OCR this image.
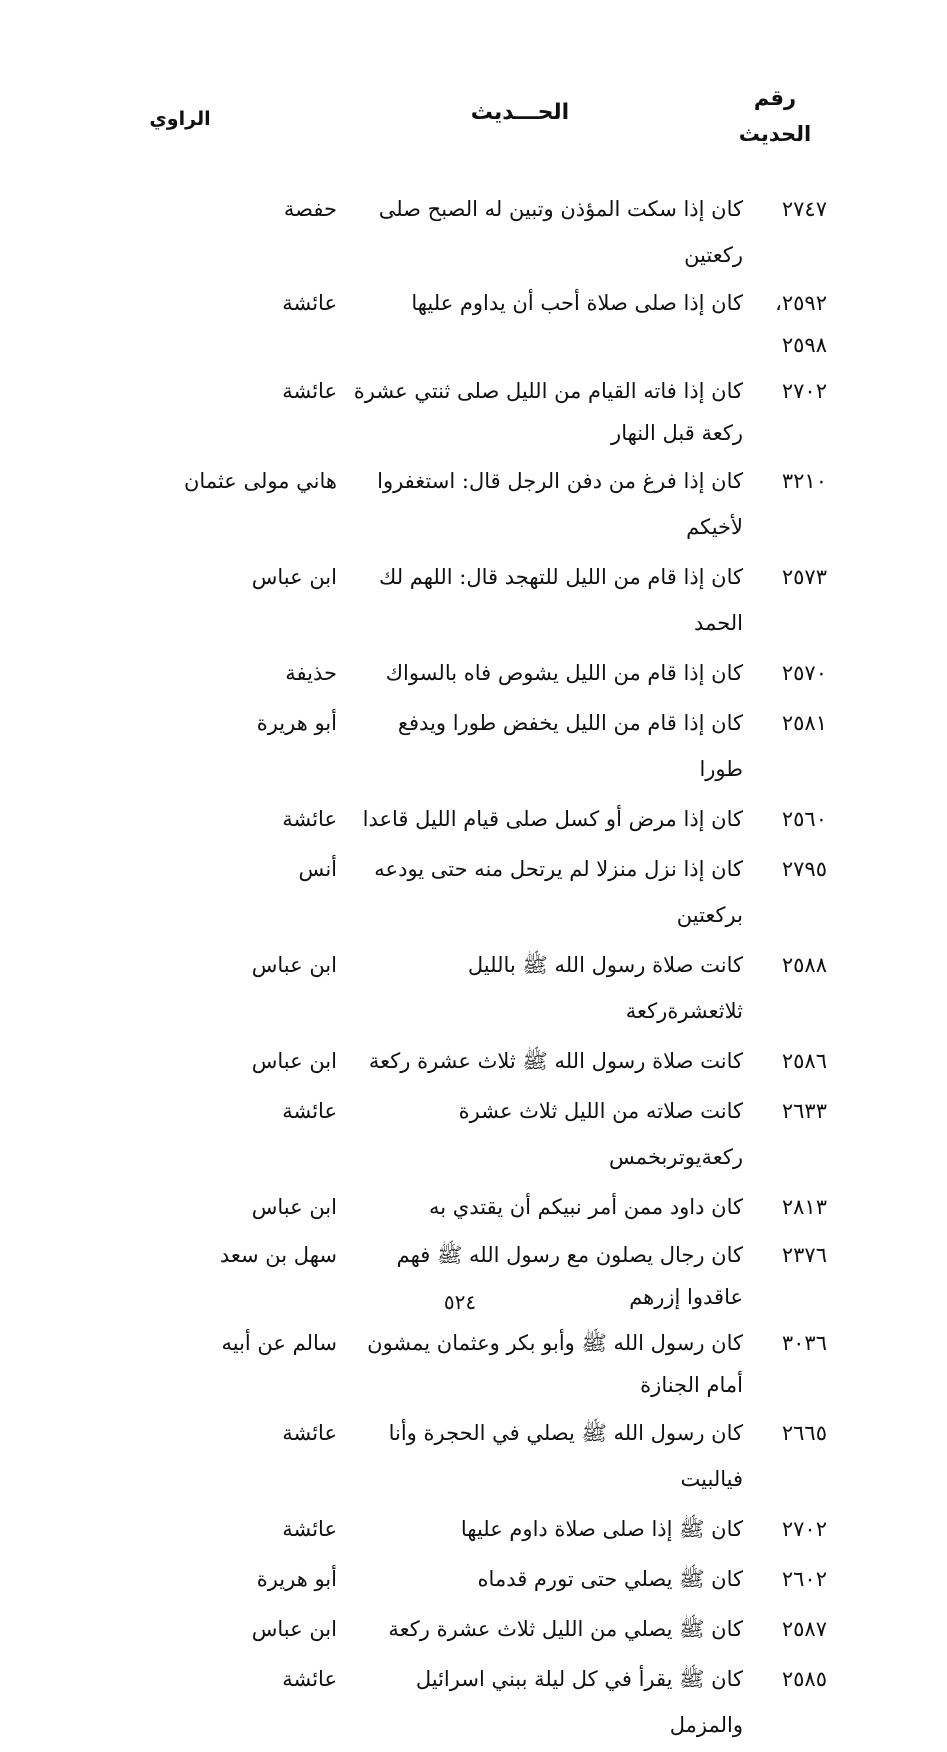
رقم
الحديث
الحـــديث
الراوي
٢٧٤٧
كان إذا سكت المؤذن وتبين له الصبح صلى ركعتين
حفصة
٢٥٩٢،
٢٥٩٨
كان إذا صلى صلاة أحب أن يداوم عليها
عائشة
٢٧٠٢
كان إذا فاته القيام من الليل صلى ثنتي عشرة ركعة قبل النهار
عائشة
٣٢١٠
كان إذا فرغ من دفن الرجل قال: استغفروا لأخيكم
هاني مولى عثمان
٢٥٧٣
كان إذا قام من الليل للتهجد قال: اللهم لك الحمد
ابن عباس
٢٥٧٠
كان إذا قام من الليل يشوص فاه بالسواك
حذيفة
٢٥٨١
كان إذا قام من الليل يخفض طورا ويدفع طورا
أبو هريرة
٢٥٦٠
كان إذا مرض أو كسل صلى قيام الليل قاعدا
عائشة
٢٧٩٥
كان إذا نزل منزلا لم يرتحل منه حتى يودعه بركعتين
أنس
٢٥٨٨
كانت صلاة رسول الله ﷺ بالليل ثلاثعشرةركعة
ابن عباس
٢٥٨٦
كانت صلاة رسول الله ﷺ ثلاث عشرة ركعة
ابن عباس
٢٦٣٣
كانت صلاته من الليل ثلاث عشرة ركعةيوتربخمس
عائشة
٢٨١٣
كان داود ممن أمر نبيكم أن يقتدي به
ابن عباس
٢٣٧٦
كان رجال يصلون مع رسول الله ﷺ فهم عاقدوا إزرهم
سهل بن سعد
٣٠٣٦
كان رسول الله ﷺ وأبو بكر وعثمان يمشون أمام الجنازة
سالم عن أبيه
٢٦٦٥
كان رسول الله ﷺ يصلي في الحجرة وأنا فيالبيت
عائشة
٢٧٠٢
كان ﷺ إذا صلى صلاة داوم عليها
عائشة
٢٦٠٢
كان ﷺ يصلي حتى تورم قدماه
أبو هريرة
٢٥٨٧
كان ﷺ يصلي من الليل ثلاث عشرة ركعة
ابن عباس
٢٥٨٥
كان ﷺ يقرأ في كل ليلة ببني اسرائيل والمزمل
عائشة
٥٢٤
